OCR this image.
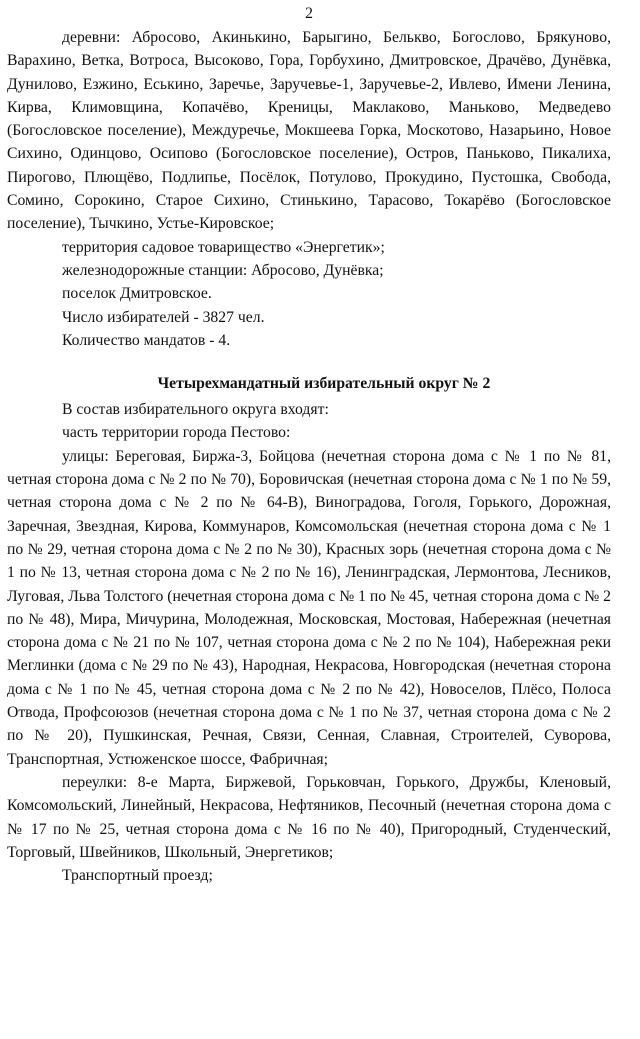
2

деревни: Абросово, Акинькино, Барыгино, Белькво, Богослово, Брякуново, Варахино, Ветка, Вотроса, Высоково, Гора, Горбухино, Дмитровское, Драчёво, Дунёвка, Дунилово, Езжино, Еськино, Заречье, Заручевье-1, Заручевье-2, Ивлево, Имени Ленина, Кирва, Климовщина, Копачёво, Креницы, Маклаково, Маньково, Медведево (Богословское поселение), Междуречье, Мокшеева Горка, Москотово, Назарьино, Новое Сихино, Одинцово, Осипово (Богословское поселение), Остров, Паньково, Пикалиха, Пирогово, Плющёво, Подлипье, Посёлок, Потулово, Прокудино, Пустошка, Свобода, Сомино, Сорокино, Старое Сихино, Стинькино, Тарасово, Токарёво (Богословское поселение), Тычкино, Устье-Кировское;

территория садовое товарищество «Энергетик»;

железнодорожные станции: Абросово, Дунёвка;

поселок Дмитровское.

Число избирателей - 3827 чел.

Количество мандатов - 4.

Четырехмандатный избирательный округ № 2

В состав избирательного округа входят:

часть территории города Пестово:

улицы: Береговая, Биржа-3, Бойцова (нечетная сторона дома с № 1 по № 81, четная сторона дома с № 2 по № 70), Боровичская (нечетная сторона дома с № 1 по № 59, четная сторона дома с № 2 по № 64-В), Виноградова, Гоголя, Горького, Дорожная, Заречная, Звездная, Кирова, Коммунаров, Комсомольская (нечетная сторона дома с № 1 по № 29, четная сторона дома с № 2 по № 30), Красных зорь (нечетная сторона дома с № 1 по № 13, четная сторона дома с № 2 по № 16), Ленинградская, Лермонтова, Лесников, Луговая, Льва Толстого (нечетная сторона дома с № 1 по № 45, четная сторона дома с № 2 по № 48), Мира, Мичурина, Молодежная, Московская, Мостовая, Набережная (нечетная сторона дома с № 21 по № 107, четная сторона дома с № 2 по № 104), Набережная реки Меглинки (дома с № 29 по № 43), Народная, Некрасова, Новгородская (нечетная сторона дома с № 1 по № 45, четная сторона дома с № 2 по № 42), Новоселов, Плёсо, Полоса Отвода, Профсоюзов (нечетная сторона дома с № 1 по № 37, четная сторона дома с № 2 по № 20), Пушкинская, Речная, Связи, Сенная, Славная, Строителей, Суворова, Транспортная, Устюженское шоссе, Фабричная;

переулки: 8-е Марта, Биржевой, Горьковчан, Горького, Дружбы, Кленовый, Комсомольский, Линейный, Некрасова, Нефтяников, Песочный (нечетная сторона дома с № 17 по № 25, четная сторона дома с № 16 по № 40), Пригородный, Студенческий, Торговый, Швейников, Школьный, Энергетиков;

Транспортный проезд;
